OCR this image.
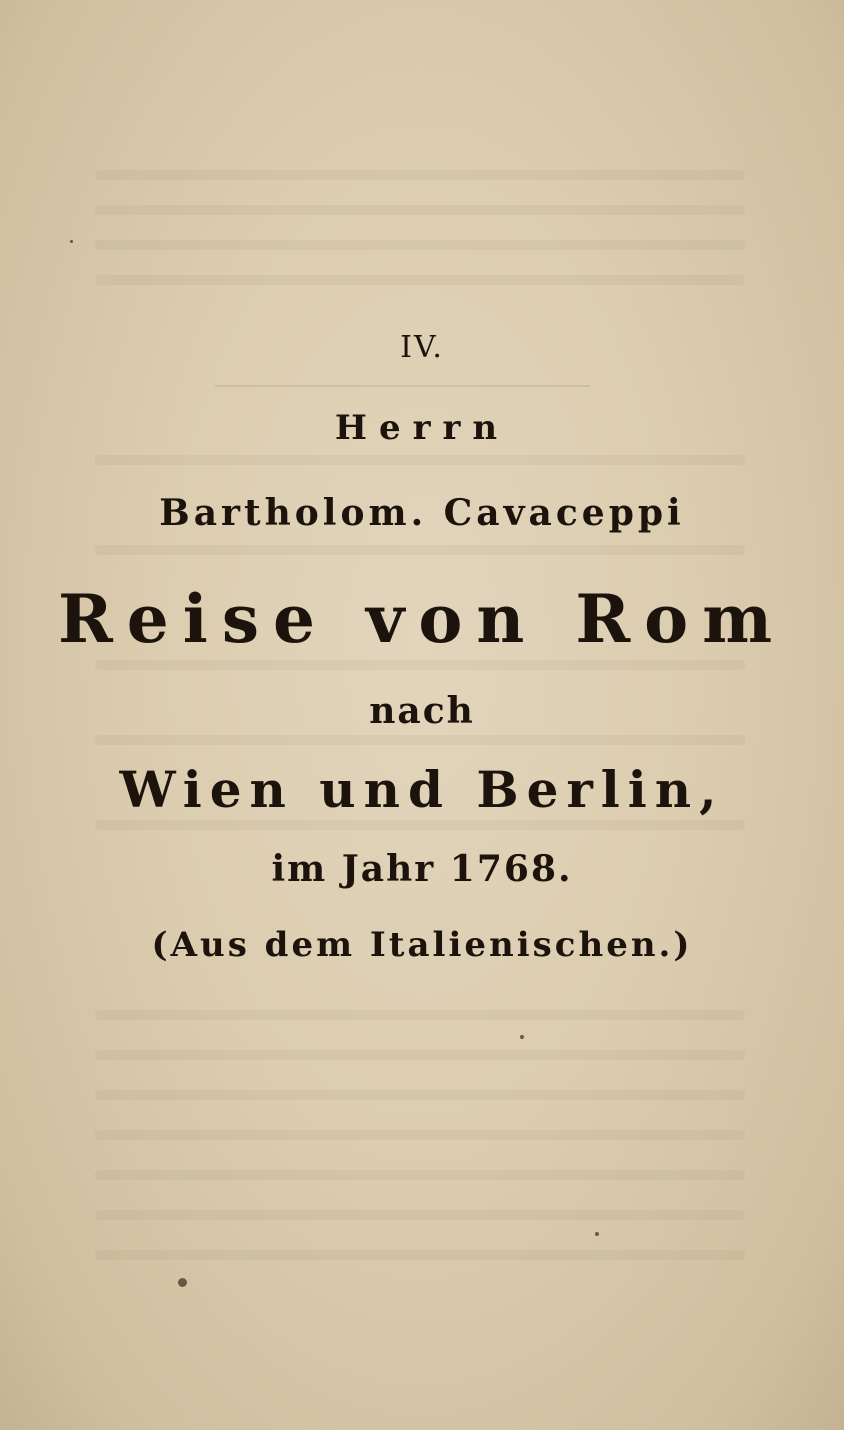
IV.
Herrn
Bartholom. Cavaceppi
Reise von Rom
nach
Wien und Berlin,
im Jahr 1768.
(Aus dem Italienischen.)
